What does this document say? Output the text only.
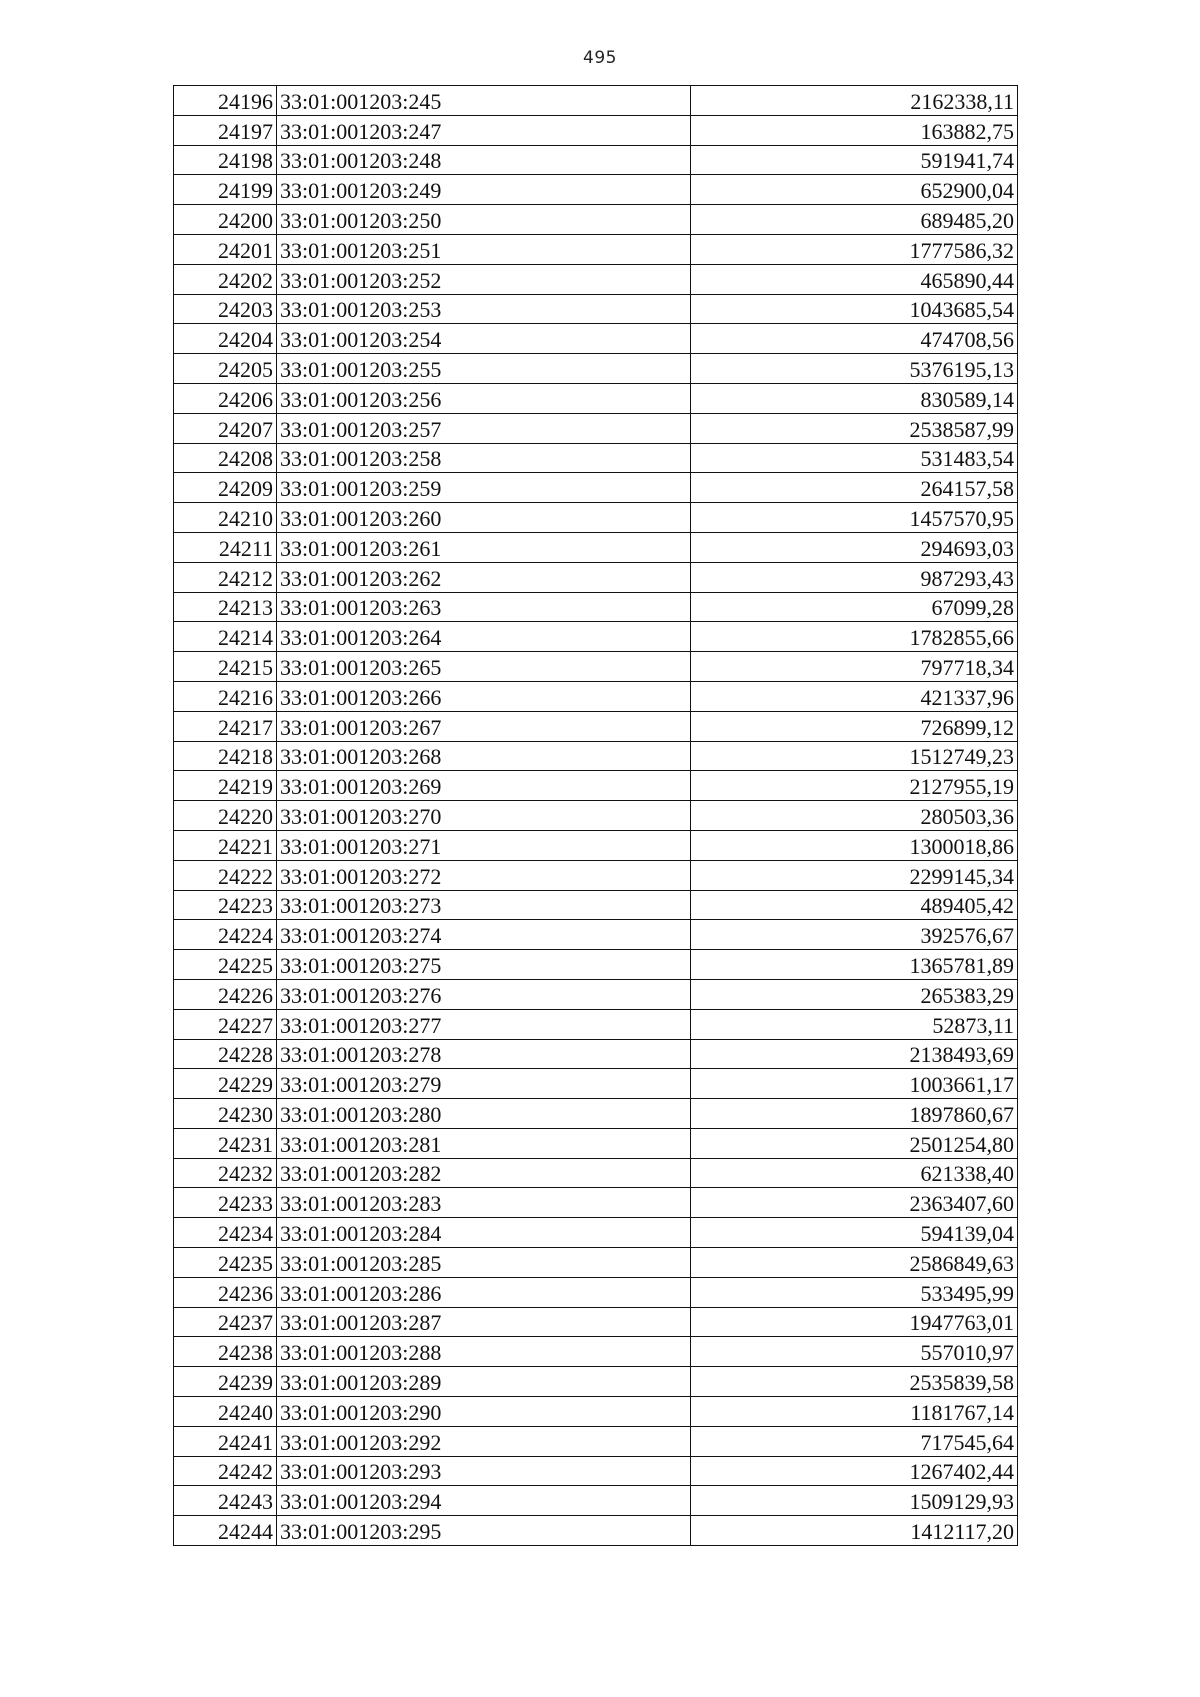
495
24196	33:01:001203:245	2162338,11
24197	33:01:001203:247	163882,75
24198	33:01:001203:248	591941,74
24199	33:01:001203:249	652900,04
24200	33:01:001203:250	689485,20
24201	33:01:001203:251	1777586,32
24202	33:01:001203:252	465890,44
24203	33:01:001203:253	1043685,54
24204	33:01:001203:254	474708,56
24205	33:01:001203:255	5376195,13
24206	33:01:001203:256	830589,14
24207	33:01:001203:257	2538587,99
24208	33:01:001203:258	531483,54
24209	33:01:001203:259	264157,58
24210	33:01:001203:260	1457570,95
24211	33:01:001203:261	294693,03
24212	33:01:001203:262	987293,43
24213	33:01:001203:263	67099,28
24214	33:01:001203:264	1782855,66
24215	33:01:001203:265	797718,34
24216	33:01:001203:266	421337,96
24217	33:01:001203:267	726899,12
24218	33:01:001203:268	1512749,23
24219	33:01:001203:269	2127955,19
24220	33:01:001203:270	280503,36
24221	33:01:001203:271	1300018,86
24222	33:01:001203:272	2299145,34
24223	33:01:001203:273	489405,42
24224	33:01:001203:274	392576,67
24225	33:01:001203:275	1365781,89
24226	33:01:001203:276	265383,29
24227	33:01:001203:277	52873,11
24228	33:01:001203:278	2138493,69
24229	33:01:001203:279	1003661,17
24230	33:01:001203:280	1897860,67
24231	33:01:001203:281	2501254,80
24232	33:01:001203:282	621338,40
24233	33:01:001203:283	2363407,60
24234	33:01:001203:284	594139,04
24235	33:01:001203:285	2586849,63
24236	33:01:001203:286	533495,99
24237	33:01:001203:287	1947763,01
24238	33:01:001203:288	557010,97
24239	33:01:001203:289	2535839,58
24240	33:01:001203:290	1181767,14
24241	33:01:001203:292	717545,64
24242	33:01:001203:293	1267402,44
24243	33:01:001203:294	1509129,93
24244	33:01:001203:295	1412117,20
